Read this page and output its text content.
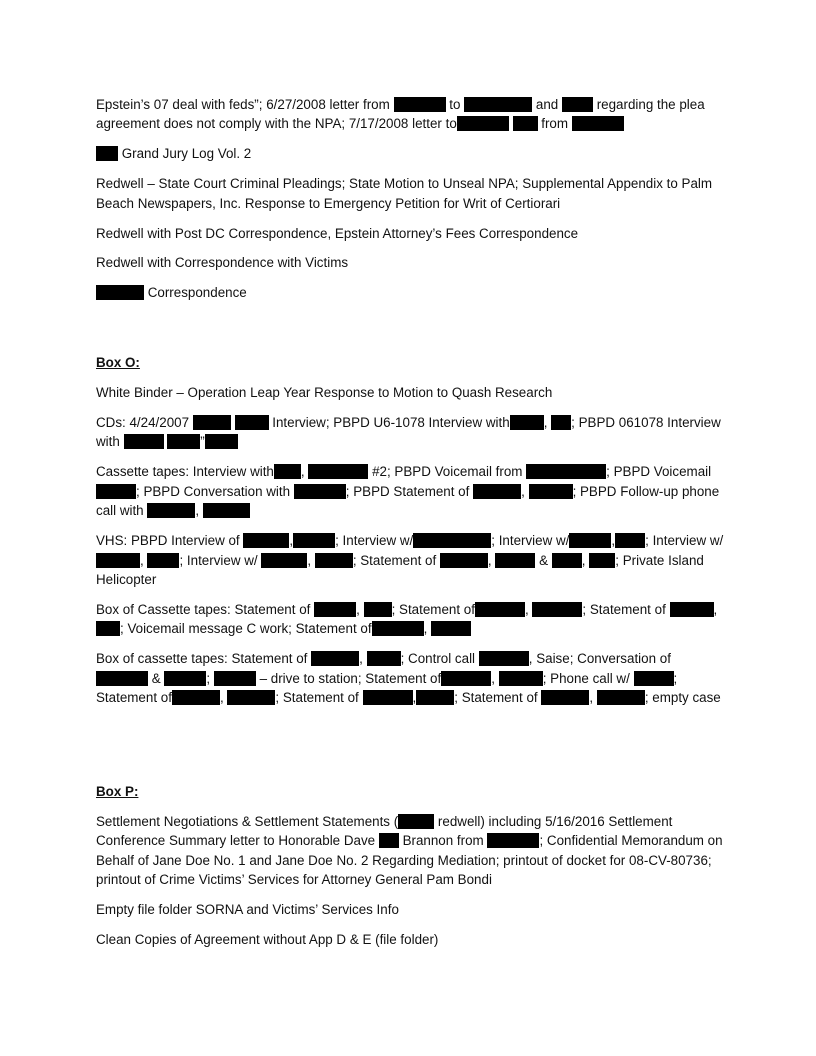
Epstein’s 07 deal with feds”; 6/27/2008 letter from	to	and	regarding the plea agreement does not comply with the NPA; 7/17/2008 letter to	from

Grand Jury Log Vol. 2

Redwell – State Court Criminal Pleadings; State Motion to Unseal NPA; Supplemental Appendix to Palm Beach Newspapers, Inc. Response to Emergency Petition for Writ of Certiorari

Redwell with Post DC Correspondence, Epstein Attorney’s Fees Correspondence

Redwell with Correspondence with Victims

Correspondence

Box O:

White Binder – Operation Leap Year Response to Motion to Quash Research

CDs: 4/24/2007	Interview; PBPD U6-1078 Interview with	, ; PBPD 061078 Interview with	”

Cassette tapes: Interview with ,	#2; PBPD Voicemail from	; PBPD Voicemail ; PBPD Conversation with	; PBPD Statement of	,	; PBPD Follow-up phone call with	,

VHS: PBPD Interview of	,	; Interview w/	; Interview w/	, ; Interview w/ ,	; Interview w/	,	; Statement of	,	&	, ; Private Island Helicopter

Box of Cassette tapes: Statement of	, ; Statement of	,	; Statement of	, ; Voicemail message C work; Statement of	,

Box of cassette tapes: Statement of	,	; Control call	, Saise; Conversation of  &	;	– drive to station; Statement of	,	; Phone call w/	; Statement of	,	; Statement of	,	; Statement of	,	; empty case

Box P:

Settlement Negotiations & Settlement Statements (	redwell) including 5/16/2016 Settlement Conference Summary letter to Honorable Dave Brannon from	; Confidential Memorandum on Behalf of Jane Doe No. 1 and Jane Doe No. 2 Regarding Mediation; printout of docket for 08-CV-80736; printout of Crime Victims’ Services for Attorney General Pam Bondi

Empty file folder SORNA and Victims’ Services Info

Clean Copies of Agreement without App D & E (file folder)
